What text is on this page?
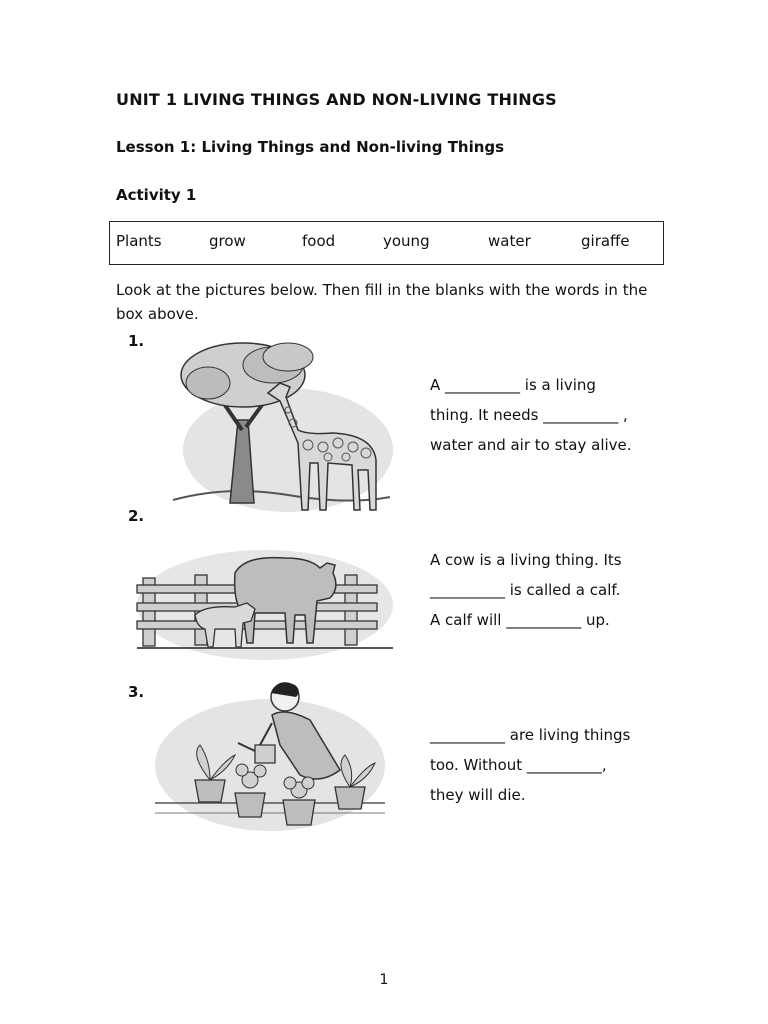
UNIT 1 LIVING THINGS AND NON-LIVING THINGS
Lesson 1: Living Things and Non-living Things
Activity 1
Plants	grow	food	young	water	giraffe
Look at the pictures below. Then fill in the blanks with the words in the box above.
1.
A __________ is a living
thing. It needs __________ ,
water and air to stay alive.
2.
A cow is a living thing. Its
__________ is called a calf.
A calf will __________ up.
3.
__________ are living things
too. Without __________,
they will die.
1
